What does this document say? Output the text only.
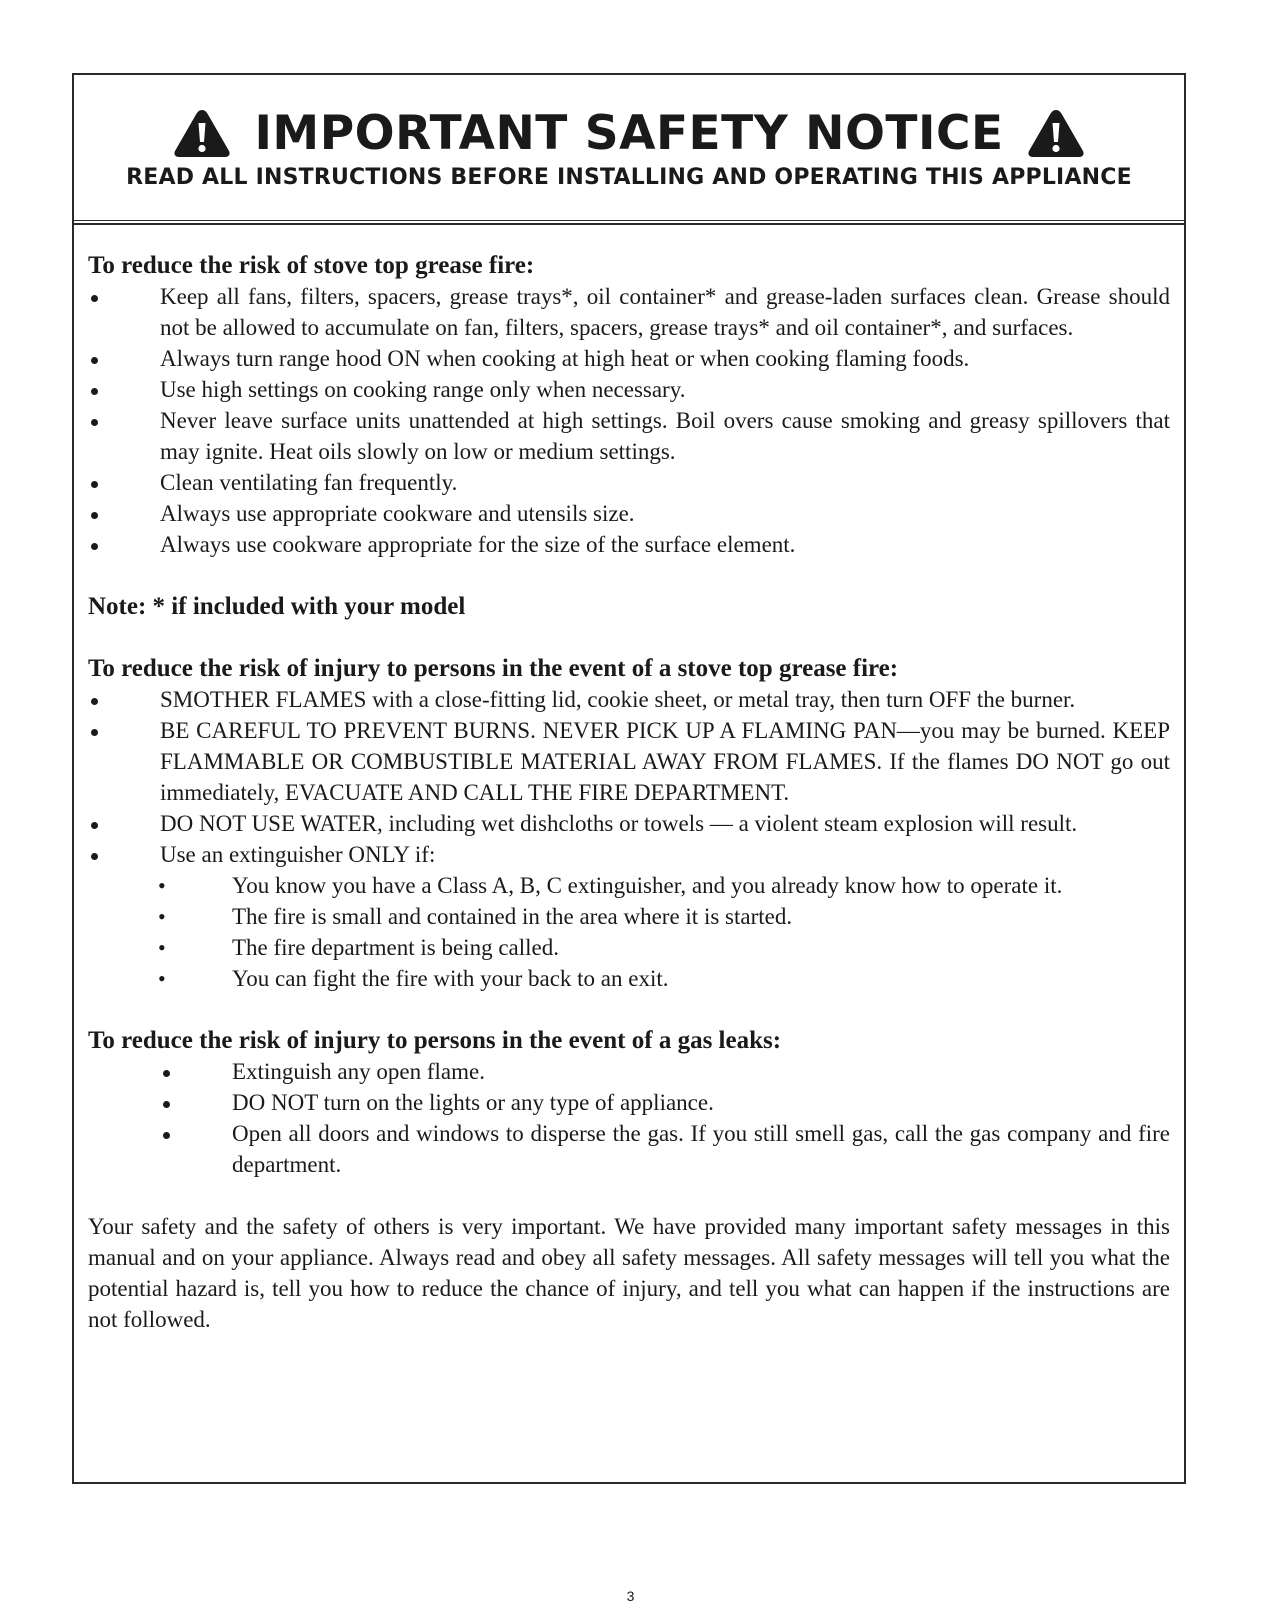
IMPORTANT SAFETY NOTICE
READ ALL INSTRUCTIONS BEFORE INSTALLING AND OPERATING THIS APPLIANCE

To reduce the risk of stove top grease fire:

Keep all fans, filters, spacers, grease trays*, oil container* and grease-laden surfaces clean. Grease should not be allowed to accumulate on fan, filters, spacers, grease trays* and oil container*, and surfaces.
Always turn range hood ON when cooking at high heat or when cooking flaming foods.
Use high settings on cooking range only when necessary.
Never leave surface units unattended at high settings. Boil overs cause smoking and greasy spillovers that may ignite. Heat oils slowly on low or medium settings.
Clean ventilating fan frequently.
Always use appropriate cookware and utensils size.
Always use cookware appropriate for the size of the surface element.

Note: * if included with your model

To reduce the risk of injury to persons in the event of a stove top grease fire:

SMOTHER FLAMES with a close-fitting lid, cookie sheet, or metal tray, then turn OFF the burner.
BE CAREFUL TO PREVENT BURNS. NEVER PICK UP A FLAMING PAN—you may be burned. KEEP FLAMMABLE OR COMBUSTIBLE MATERIAL AWAY FROM FLAMES. If the flames DO NOT go out immediately, EVACUATE AND CALL THE FIRE DEPARTMENT.
DO NOT USE WATER, including wet dishcloths or towels — a violent steam explosion will result.
Use an extinguisher ONLY if:
• You know you have a Class A, B, C extinguisher, and you already know how to operate it.
• The fire is small and contained in the area where it is started.
• The fire department is being called.
• You can fight the fire with your back to an exit.

To reduce the risk of injury to persons in the event of a gas leaks:

Extinguish any open flame.
DO NOT turn on the lights or any type of appliance.
Open all doors and windows to disperse the gas. If you still smell gas, call the gas company and fire department.

Your safety and the safety of others is very important. We have provided many important safety messages in this manual and on your appliance. Always read and obey all safety messages. All safety messages will tell you what the potential hazard is, tell you how to reduce the chance of injury, and tell you what can happen if the instructions are not followed.

3
